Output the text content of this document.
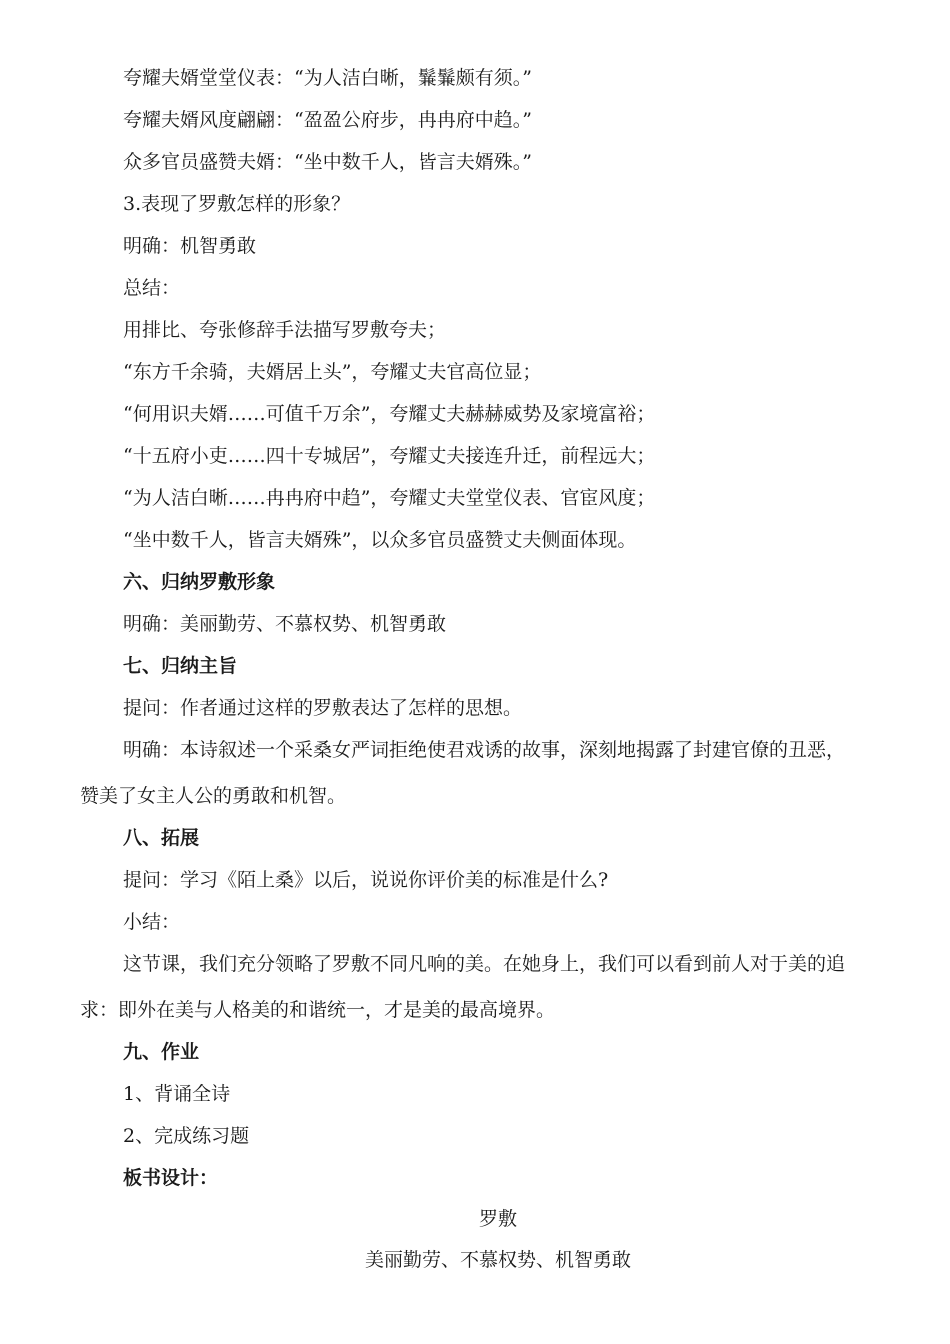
夸耀夫婿堂堂仪表：“为人洁白晰，鬑鬑颇有须。”
夸耀夫婿风度翩翩：“盈盈公府步，冉冉府中趋。”
众多官员盛赞夫婿：“坐中数千人，皆言夫婿殊。”
3.表现了罗敷怎样的形象？
明确：机智勇敢
总结：
用排比、夸张修辞手法描写罗敷夸夫；
“东方千余骑，夫婿居上头”，夸耀丈夫官高位显；
“何用识夫婿……可值千万余”，夸耀丈夫赫赫威势及家境富裕；
“十五府小吏……四十专城居”，夸耀丈夫接连升迁，前程远大；
“为人洁白晰……冉冉府中趋”，夸耀丈夫堂堂仪表、官宦风度；
“坐中数千人，皆言夫婿殊”，以众多官员盛赞丈夫侧面体现。
六、归纳罗敷形象
明确：美丽勤劳、不慕权势、机智勇敢
七、归纳主旨
提问：作者通过这样的罗敷表达了怎样的思想。
明确：本诗叙述一个采桑女严词拒绝使君戏诱的故事，深刻地揭露了封建官僚的丑恶，
赞美了女主人公的勇敢和机智。
八、拓展
提问：学习《陌上桑》以后，说说你评价美的标准是什么?
小结：
这节课，我们充分领略了罗敷不同凡响的美。在她身上，我们可以看到前人对于美的追
求：即外在美与人格美的和谐统一，才是美的最高境界。
九、作业
1、背诵全诗
2、完成练习题
板书设计：
罗敷
美丽勤劳、不慕权势、机智勇敢
